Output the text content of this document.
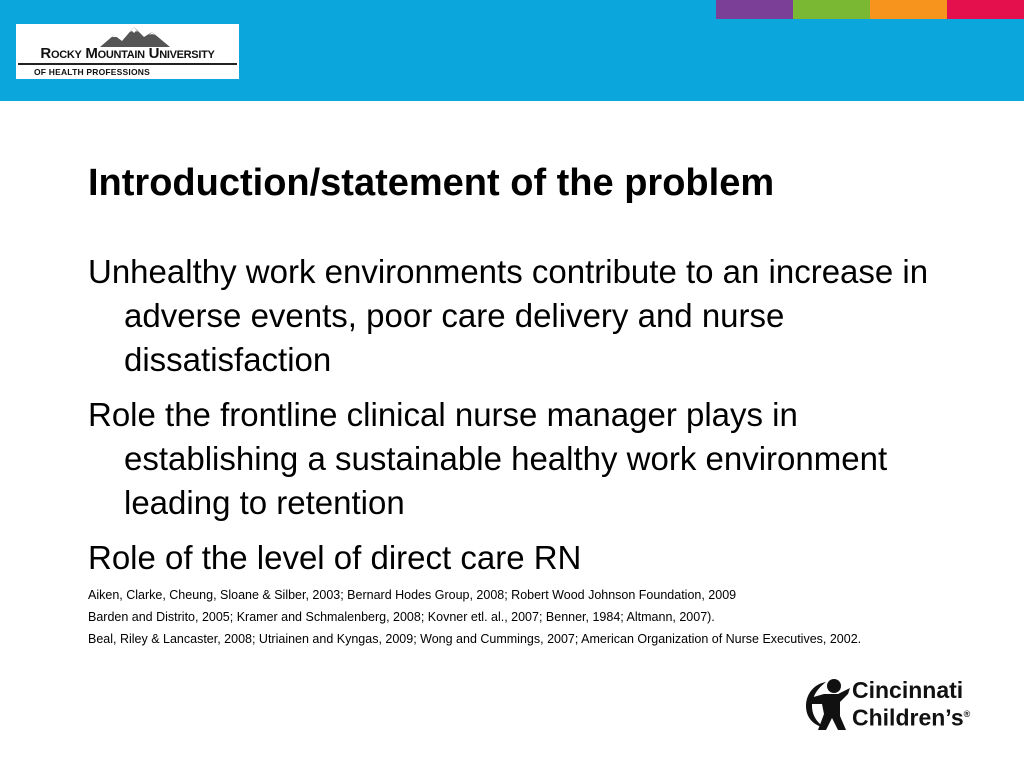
Rocky Mountain University
OF HEALTH PROFESSIONS
Introduction/statement of the problem

Unhealthy work environments contribute to an increase in adverse events, poor care delivery and nurse dissatisfaction

Role the frontline clinical nurse manager plays in establishing a sustainable healthy work environment leading to retention

Role of the level of direct care RN

Aiken, Clarke, Cheung, Sloane & Silber, 2003; Bernard Hodes Group, 2008; Robert Wood Johnson Foundation, 2009

Barden and Distrito, 2005; Kramer and Schmalenberg, 2008; Kovner etl. al., 2007; Benner, 1984; Altmann, 2007).

Beal, Riley & Lancaster, 2008; Utriainen and Kyngas, 2009; Wong and Cummings, 2007; American Organization of Nurse Executives, 2002.

Cincinnati
Children’s®
